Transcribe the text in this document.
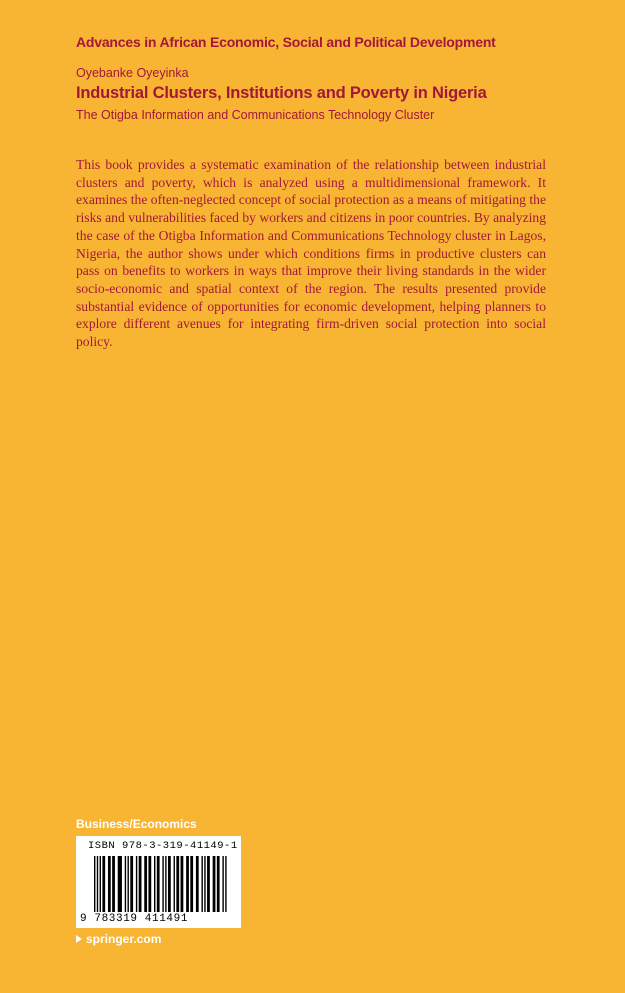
Advances in African Economic, Social and Political Development
Oyebanke Oyeyinka
Industrial Clusters, Institutions and Poverty in Nigeria
The Otigba Information and Communications Technology Cluster

This book provides a systematic examination of the relationship between industrial clusters and poverty, which is analyzed using a multidimensional framework. It examines the often-neglected concept of social protection as a means of mitigating the risks and vulnerabilities faced by workers and citizens in poor countries. By analyzing the case of the Otigba Information and Communications Technology cluster in Lagos, Nigeria, the author shows under which conditions firms in productive clusters can pass on benefits to workers in ways that improve their living standards in the wider socio-economic and spatial context of the region. The results presented provide substantial evidence of opportunities for economic development, helping planners to explore different avenues for integrating firm-driven social protection into social policy.

Business/Economics
ISBN 978-3-319-41149-1
9 783319 411491
springer.com
